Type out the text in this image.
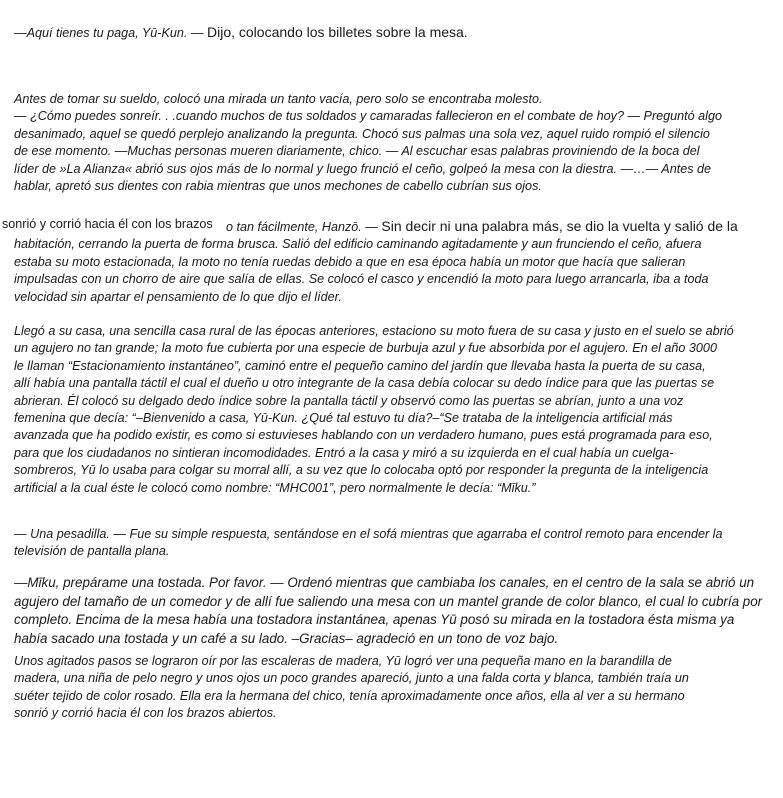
—Aquí tienes tu paga, Yū-Kun. — Dijo, colocando los billetes sobre la mesa.

Antes de tomar su sueldo, colocó una mirada un tanto vacía, pero solo se encontraba molesto.
— ¿Cómo puedes sonreír. . .cuando muchos de tus soldados y camaradas fallecieron en el combate de hoy? — Preguntó algo
desanimado, aquel se quedó perplejo analizando la pregunta. Chocó sus palmas una sola vez, aquel ruido rompió el silencio
de ese momento. —Muchas personas mueren diariamente, chico. — Al escuchar esas palabras proviniendo de la boca del
líder de »La Alianza« abrió sus ojos más de lo normal y luego frunció el ceño, golpeó la mesa con la diestra. —…— Antes de
hablar, apretó sus dientes con rabia mientras que unos mechones de cabello cubrían sus ojos.

o tan fácilmente, Hanzō. — Sin decir ni una palabra más, se dio la vuelta y salió de la
habitación, cerrando la puerta de forma brusca. Salió del edificio caminando agitadamente y aun frunciendo el ceño, afuera
estaba su moto estacionada, la moto no tenía ruedas debido a que en esa época había un motor que hacía que salieran
impulsadas con un chorro de aire que salía de ellas. Se colocó el casco y encendió la moto para luego arrancarla, iba a toda
velocidad sin apartar el pensamiento de lo que dijo el líder.

sonrió y corrió hacia él con los brazos

Llegó a su casa, una sencilla casa rural de las épocas anteriores, estaciono su moto fuera de su casa y justo en el suelo se abrió
un agujero no tan grande; la moto fue cubierta por una especie de burbuja azul y fue absorbida por el agujero. En el año 3000
le llaman “Estacionamiento instantáneo”, caminó entre el pequeño camino del jardín que llevaba hasta la puerta de su casa,
allí había una pantalla táctil el cual el dueño u otro integrante de la casa debía colocar su dedo índice para que las puertas se
abrieran. Él colocó su delgado dedo índice sobre la pantalla táctil y observó como las puertas se abrían, junto a una voz
femenina que decía: “–Bienvenido a casa, Yū-Kun. ¿Qué tal estuvo tu día?–“Se trataba de la inteligencia artificial más
avanzada que ha podido existir, es como si estuvieses hablando con un verdadero humano, pues está programada para eso,
para que los ciudadanos no sintieran incomodidades. Entró a la casa y miró a su izquierda en el cual había un cuelga-
sombreros, Yū lo usaba para colgar su morral allí, a su vez que lo colocaba optó por responder la pregunta de la inteligencia
artificial a la cual éste le colocó como nombre: “MHC001”, pero normalmente le decía: “Mīku.”

— Una pesadilla. — Fue su simple respuesta, sentándose en el sofá mientras que agarraba el control remoto para encender la
televisión de pantalla plana.

—Mīku, prepárame una tostada. Por favor. — Ordenó mientras que cambiaba los canales, en el centro de la sala se abrió un
agujero del tamaño de un comedor y de allí fue saliendo una mesa con un mantel grande de color blanco, el cual lo cubría por
completo. Encima de la mesa había una tostadora instantánea, apenas Yū posó su mirada en la tostadora ésta misma ya
había sacado una tostada y un café a su lado. –Gracias– agradeció en un tono de voz bajo.

Unos agitados pasos se lograron oír por las escaleras de madera, Yū logró ver una pequeña mano en la barandilla de
madera, una niña de pelo negro y unos ojos un poco grandes apareció, junto a una falda corta y blanca, también traía un
suéter tejido de color rosado. Ella era la hermana del chico, tenía aproximadamente once años, ella al ver a su hermano
sonrió y corrió hacia él con los brazos abiertos.
